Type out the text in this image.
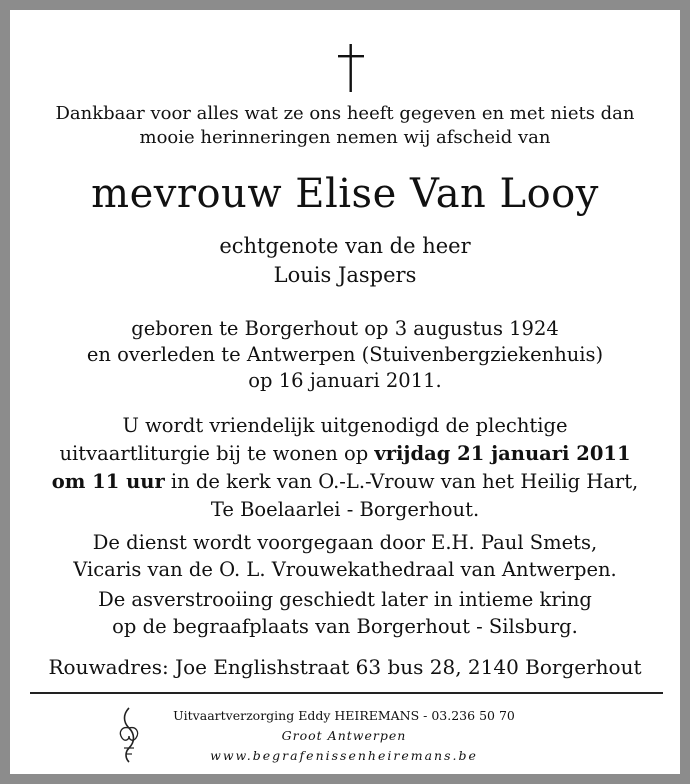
Dankbaar voor alles wat ze ons heeft gegeven en met niets dan
mooie herinneringen nemen wij afscheid van
mevrouw Elise Van Looy
echtgenote van de heer
Louis Jaspers
geboren te Borgerhout op 3 augustus 1924
en overleden te Antwerpen (Stuivenbergziekenhuis)
op 16 januari 2011.
U wordt vriendelijk uitgenodigd de plechtige
uitvaartliturgie bij te wonen op vrijdag 21 januari 2011
om 11 uur in de kerk van O.-L.-Vrouw van het Heilig Hart,
Te Boelaarlei - Borgerhout.
De dienst wordt voorgegaan door E.H. Paul Smets,
Vicaris van de O. L. Vrouwekathedraal van Antwerpen.
De asverstrooiing geschiedt later in intieme kring
op de begraafplaats van Borgerhout - Silsburg.
Rouwadres: Joe Englishstraat 63 bus 28, 2140 Borgerhout
Uitvaartverzorging Eddy HEIREMANS - 03.236 50 70
Groot Antwerpen
www.begrafenissenheiremans.be
